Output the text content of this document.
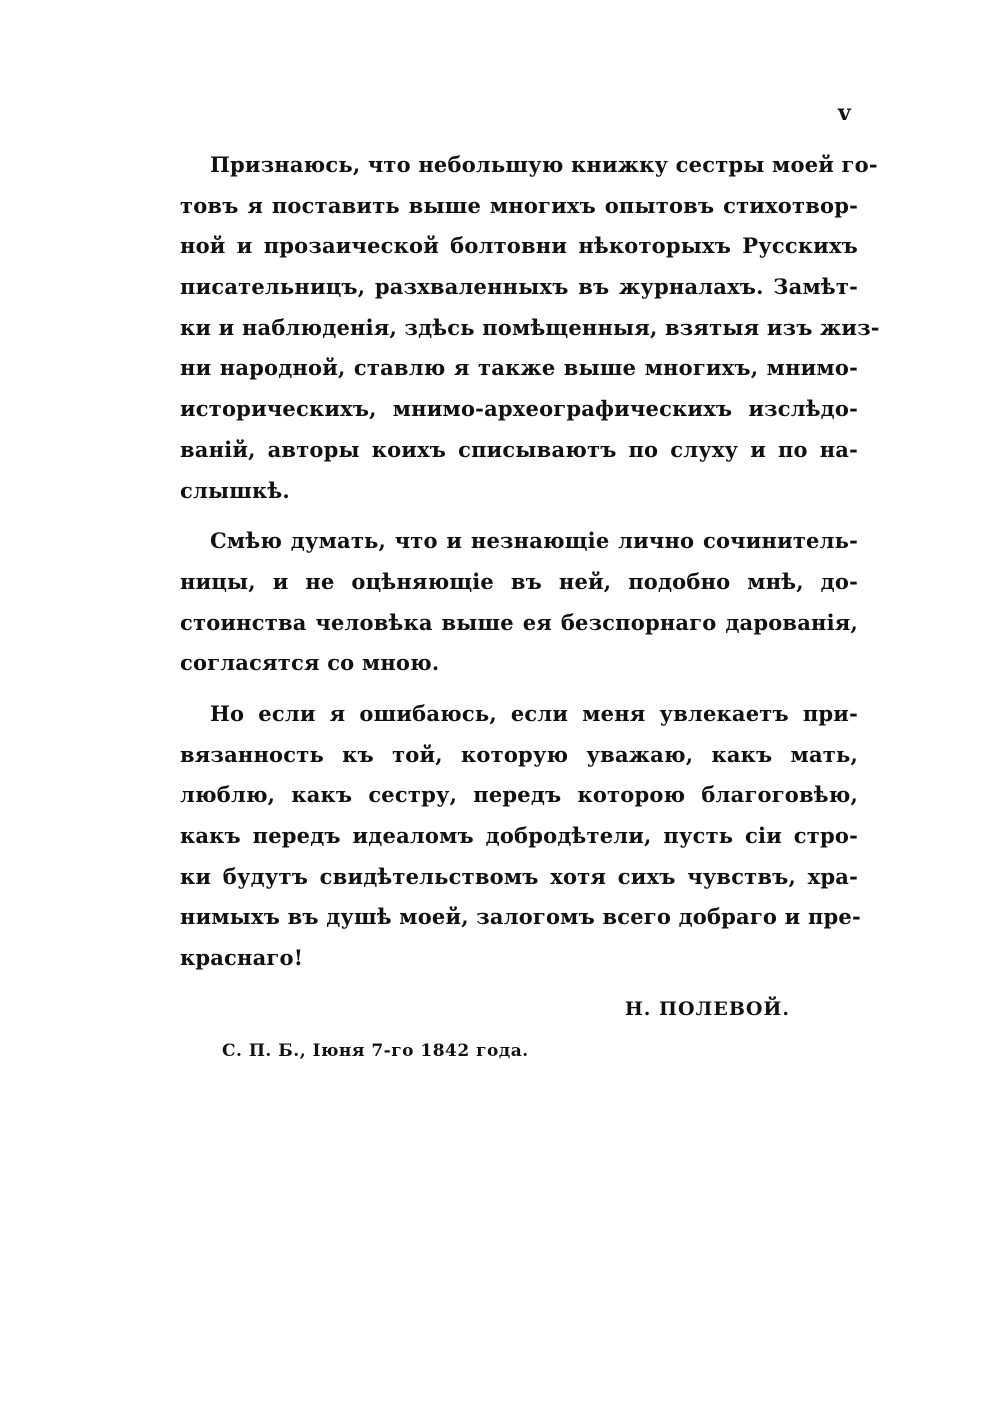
v
Признаюсь, что небольшую книжку сестры моей го-
товъ я поставить выше многихъ опытовъ стихотвор-
ной и прозаической болтовни нѣкоторыхъ Русскихъ
писательницъ, разхваленныхъ въ журналахъ. Замѣт-
ки и наблюденія, здѣсь помѣщенныя, взятыя изъ жиз-
ни народной, ставлю я также выше многихъ, мнимо-
историческихъ, мнимо-археографическихъ изслѣдо-
ваній, авторы коихъ списываютъ по слуху и по на-
слышкѣ.
Смѣю думать, что и незнающіе лично сочинитель-
ницы, и не оцѣняющіе въ ней, подобно мнѣ, до-
стоинства человѣка выше ея безспорнаго дарованія,
согласятся со мною.
Но если я ошибаюсь, если меня увлекаетъ при-
вязанность къ той, которую уважаю, какъ мать,
люблю, какъ сестру, передъ которою благоговѣю,
какъ передъ идеаломъ добродѣтели, пусть сіи стро-
ки будутъ свидѣтельствомъ хотя сихъ чувствъ, хра-
нимыхъ въ душѣ моей, залогомъ всего добраго и пре-
краснаго!
Н. ПОЛЕВОЙ.
С. П. Б., Іюня 7-го 1842 года.
